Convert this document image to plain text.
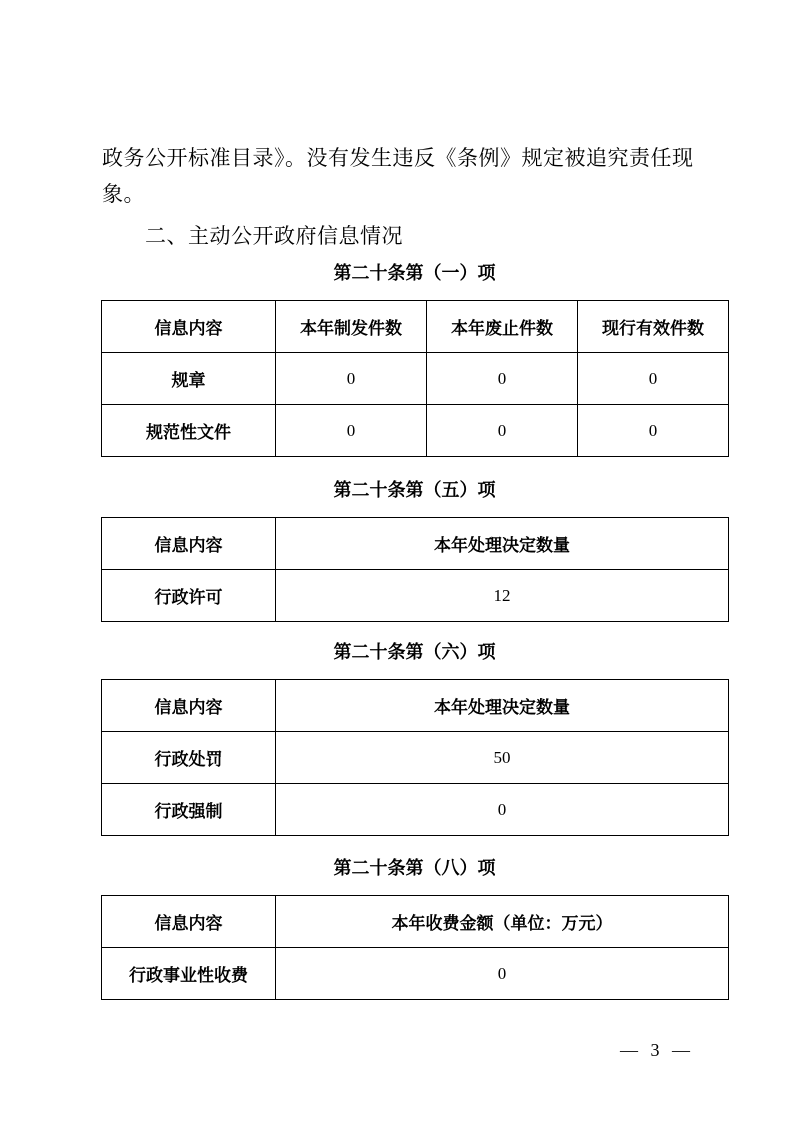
政务公开标准目录》。没有发生违反《条例》规定被追究责任现象。

二、主动公开政府信息情况
第二十条第（一）项
信息内容	本年制发件数	本年废止件数	现行有效件数
规章	0	0	0
规范性文件	0	0	0
第二十条第（五）项
信息内容	本年处理决定数量
行政许可	12
第二十条第（六）项
信息内容	本年处理决定数量
行政处罚	50
行政强制	0
第二十条第（八）项
信息内容	本年收费金额（单位：万元）
行政事业性收费	0
— 3 —
